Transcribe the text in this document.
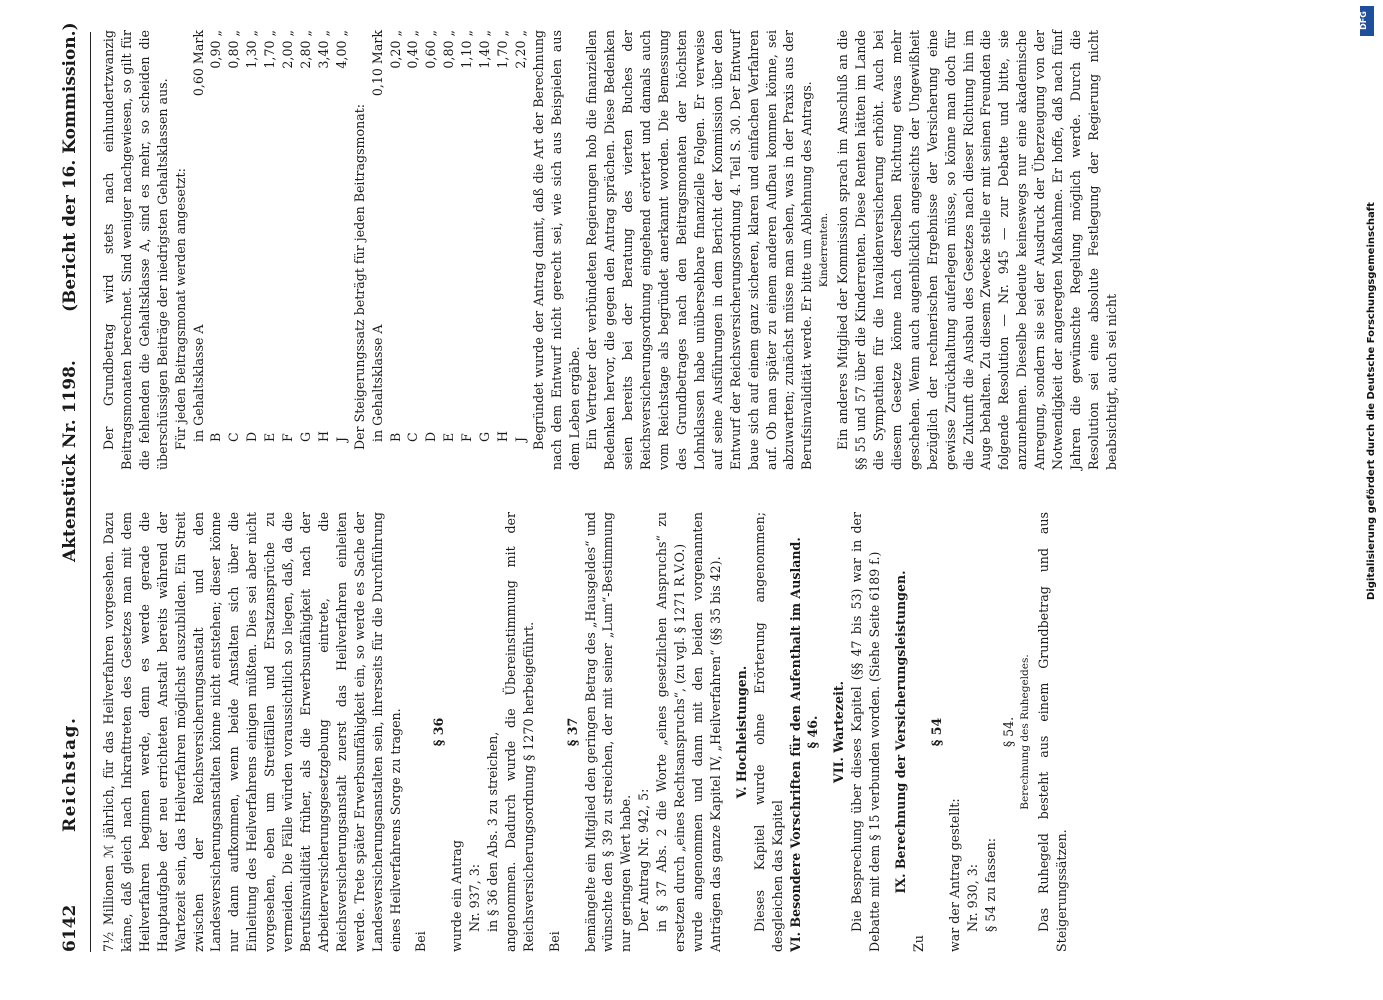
6142
Reichstag.
Aktenstück Nr. 1198.
(Bericht der 16. Kommission.)

7½ Millionen ℳ jährlich, für das Heilverfahren vorgesehen. Dazu käme, daß gleich nach Inkrafttreten des Gesetzes man mit dem Heilverfahren beginnen werde, denn es werde gerade die Hauptaufgabe der neu errichteten Anstalt bereits während der Wartezeit sein, das Heilverfahren möglichst auszubilden. Ein Streit zwischen der Reichsversicherungsanstalt und den Landesversicherungsanstalten könne nicht entstehen; dieser könne nur dann aufkommen, wenn beide Anstalten sich über die Einleitung des Heilverfahrens einigen müßten. Dies sei aber nicht vorgesehen, eben um Streitfällen und Ersatzansprüche zu vermeiden. Die Fälle würden voraussichtlich so liegen, daß, da die Berufsinvalidität früher, als die Erwerbsunfähigkeit nach der Arbeiterversicherungsgesetzgebung eintrete, die Reichsversicherungsanstalt zuerst das Heilverfahren einleiten werde. Trete später Erwerbsunfähigkeit ein, so werde es Sache der Landesversicherungsanstalten sein, ihrerseits für die Durchführung eines Heilverfahrens Sorge zu tragen. Bei

§ 36

wurde ein Antrag Nr. 937, 3: in § 36 den Abs. 3 zu streichen, angenommen. Dadurch wurde die Übereinstimmung mit der Reichsversicherungsordnung § 1270 herbeigeführt. Bei

§ 37 bemängelte ein Mitglied den geringen Betrag des „Hausgeldes“ und wünschte den § 39 zu streichen, der mit seiner „Lum“-Bestimmung nur geringen Wert habe. Der Antrag Nr. 942, 5: in § 37 Abs. 2 die Worte „eines gesetzlichen Anspruchs“ zu ersetzen durch „eines Rechtsanspruchs“, (zu vgl. § 1271 R.V.O.) wurde angenommen und dann mit den beiden vorgenannten Anträgen das ganze Kapitel IV, „Heilverfahren“ (§§ 35 bis 42). V. Hochleistungen. Dieses Kapitel wurde ohne Erörterung angenommen; desgleichen das Kapitel VI. Besondere Vorschriften für den Aufenthalt im Ausland. § 46. VII. Wartezeit. Die Besprechung über dieses Kapitel (§§ 47 bis 53) war in der Debatte mit dem § 15 verbunden worden. (Siehe Seite 6189 f.) IX. Berechnung der Versicherungsleistungen.

Zu

§ 54

war der Antrag gestellt: Nr. 930, 3: § 54 zu fassen:

§ 54. Berechnung des Ruhegeldes. Das Ruhegeld besteht aus einem Grundbetrag und aus Steigerungssätzen.

Der Grundbetrag wird stets nach einhundertzwanzig Beitragsmonaten berechnet. Sind weniger nachgewiesen, so gilt für die fehlenden die Gehaltsklasse A, sind es mehr, so scheiden die überschüssigen Beiträge der niedrigsten Gehaltsklassen aus. Für jeden Beitragsmonat werden angesetzt: in Gehaltsklasse A
0,60 Mark
B
0,90 „
C
0,80 „
D
1,30 „
E
1,70 „
F
2,00 „
G
2,80 „
H
3,40 „
J
4,00 „

Der Steigerungssatz beträgt für jeden Beitragsmonat: in Gehaltsklasse A
0,10 Mark
B
0,20 „
C
0,40 „
D
0,60 „
E
0,80 „
F
1,10 „
G
1,40 „
H
1,70 „
J
2,20 „ Begründet wurde der Antrag damit, daß die Art der Berechnung nach dem Entwurf nicht gerecht sei, wie sich aus Beispielen aus dem Leben ergäbe. Ein Vertreter der verbündeten Regierungen hob die finanziellen Bedenken hervor, die gegen den Antrag sprächen. Diese Bedenken seien bereits bei der Beratung des vierten Buches der Reichsversicherungsordnung eingehend erörtert und damals auch vom Reichstage als begründet anerkannt worden. Die Bemessung des Grundbetrages nach den Beitragsmonaten der höchsten Lohnklassen habe unübersehbare finanzielle Folgen. Er verweise auf seine Ausführungen in dem Bericht der Kommission über den Entwurf der Reichsversicherungsordnung 4. Teil S. 30. Der Entwurf baue sich auf einem ganz sicheren, klaren und einfachen Verfahren auf. Ob man später zu einem anderen Aufbau kommen könne, sei abzuwarten; zunächst müsse man sehen, was in der Praxis aus der Berufsinvalidität werde. Er bitte um Ablehnung des Antrags. Kinderrenten. Ein anderes Mitglied der Kommission sprach im Anschluß an die §§ 55 und 57 über die Kinderrenten. Diese Renten hätten im Lande die Sympathien für die Invalidenversicherung erhöht. Auch bei diesem Gesetze könne nach derselben Richtung etwas mehr geschehen. Wenn auch augenblicklich angesichts der Ungewißheit bezüglich der rechnerischen Ergebnisse der Versicherung eine gewisse Zurückhaltung auferlegen müsse, so könne man doch für die Zukunft die Ausbau des Gesetzes nach dieser Richtung hin im Auge behalten. Zu diesem Zwecke stelle er mit seinen Freunden die folgende Resolution — Nr. 945 — zur Debatte und bitte, sie anzunehmen. Dieselbe bedeute keineswegs nur eine akademische Anregung, sondern sie sei der Ausdruck der Überzeugung von der Notwendigkeit der angeregten Maßnahme. Er hoffe, daß nach fünf Jahren die gewünschte Regelung möglich werde. Durch die Resolution sei eine absolute Festlegung der Regierung nicht beabsichtigt, auch sei nicht

DFG
Digitalisierung gefördert durch die Deutsche Forschungsgemeinschaft
